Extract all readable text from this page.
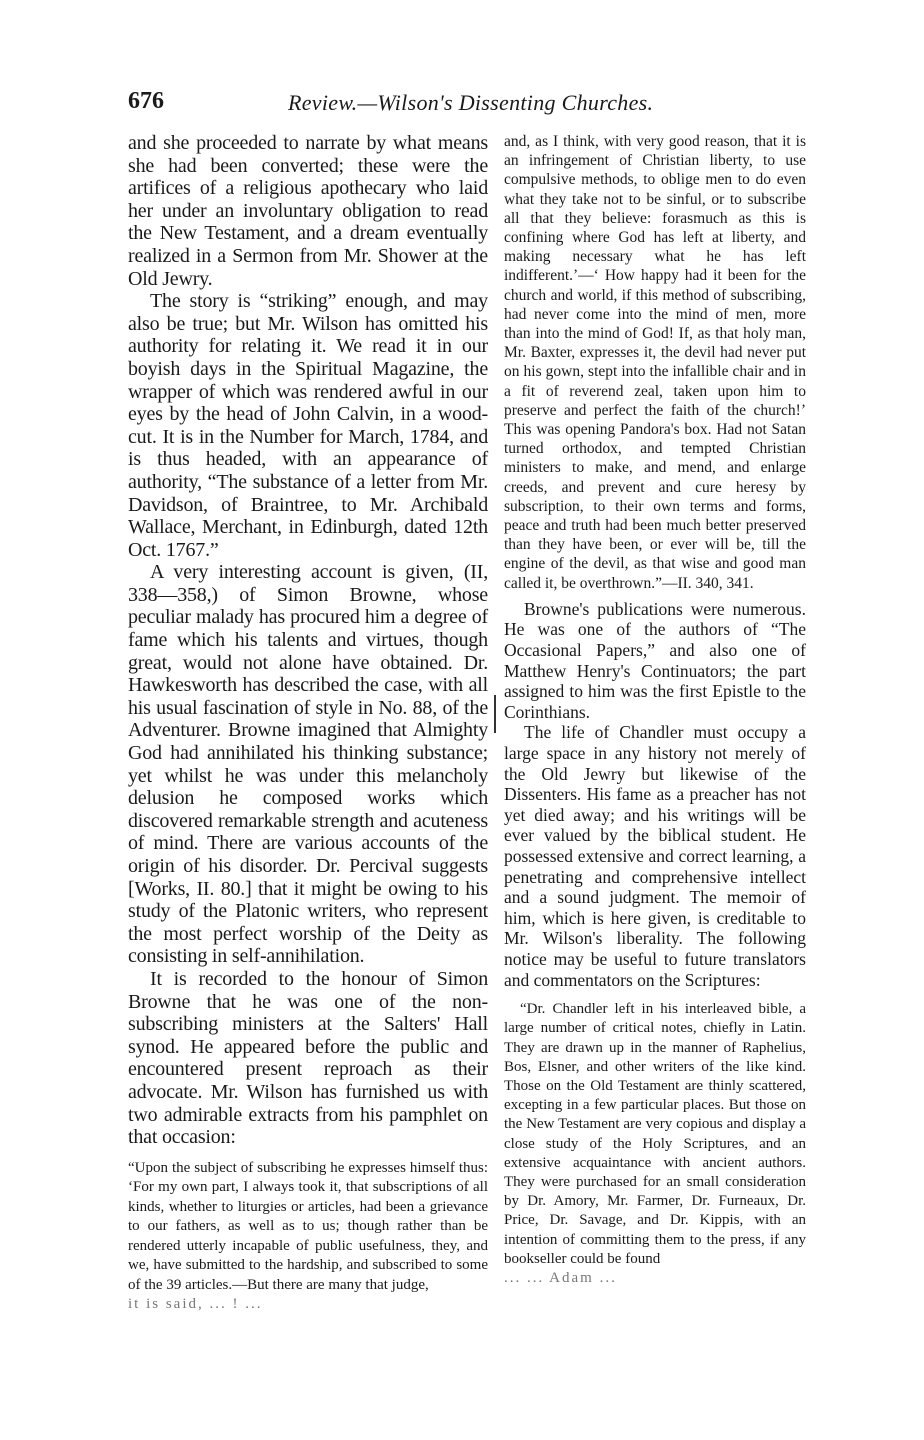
676	Review.—Wilson's Dissenting Churches.

and she proceeded to narrate by what means she had been converted; these were the artifices of a religious apothecary who laid her under an involuntary obligation to read the New Testament, and a dream eventually realized in a Sermon from Mr. Shower at the Old Jewry.

The story is “striking” enough, and may also be true; but Mr. Wilson has omitted his authority for relating it. We read it in our boyish days in the Spiritual Magazine, the wrapper of which was rendered awful in our eyes by the head of John Calvin, in a wood-cut. It is in the Number for March, 1784, and is thus headed, with an appearance of authority, “The substance of a letter from Mr. Davidson, of Braintree, to Mr. Archibald Wallace, Merchant, in Edinburgh, dated 12th Oct. 1767.”

A very interesting account is given, (II, 338—358,) of Simon Browne, whose peculiar malady has procured him a degree of fame which his talents and virtues, though great, would not alone have obtained. Dr. Hawkesworth has described the case, with all his usual fascination of style in No. 88, of the Adventurer. Browne imagined that Almighty God had annihilated his thinking substance; yet whilst he was under this melancholy delusion he composed works which discovered remarkable strength and acuteness of mind. There are various accounts of the origin of his disorder. Dr. Percival suggests [Works, II. 80.] that it might be owing to his study of the Platonic writers, who represent the most perfect worship of the Deity as consisting in self-annihilation.

It is recorded to the honour of Simon Browne that he was one of the non-subscribing ministers at the Salters' Hall synod. He appeared before the public and encountered present reproach as their advocate. Mr. Wilson has furnished us with two admirable extracts from his pamphlet on that occasion:

“Upon the subject of subscribing he expresses himself thus: ‘For my own part, I always took it, that subscriptions of all kinds, whether to liturgies or articles, had been a grievance to our fathers, as well as to us; though rather than be rendered utterly incapable of public usefulness, they, and we, have submitted to the hardship, and subscribed to some of the 39 articles.—But there are many that judge,

it is said, ... ! ...

and, as I think, with very good reason, that it is an infringement of Christian liberty, to use compulsive methods, to oblige men to do even what they take not to be sinful, or to subscribe all that they believe: forasmuch as this is confining where God has left at liberty, and making necessary what he has left indifferent.’—‘ How happy had it been for the church and world, if this method of subscribing, had never come into the mind of men, more than into the mind of God! If, as that holy man, Mr. Baxter, expresses it, the devil had never put on his gown, stept into the infallible chair and in a fit of reverend zeal, taken upon him to preserve and perfect the faith of the church!’ This was opening Pandora's box. Had not Satan turned orthodox, and tempted Christian ministers to make, and mend, and enlarge creeds, and prevent and cure heresy by subscription, to their own terms and forms, peace and truth had been much better preserved than they have been, or ever will be, till the engine of the devil, as that wise and good man called it, be overthrown.”—II. 340, 341.

Browne's publications were numerous. He was one of the authors of “The Occasional Papers,” and also one of Matthew Henry's Continuators; the part assigned to him was the first Epistle to the Corinthians.

The life of Chandler must occupy a large space in any history not merely of the Old Jewry but likewise of the Dissenters. His fame as a preacher has not yet died away; and his writings will be ever valued by the biblical student. He possessed extensive and correct learning, a penetrating and comprehensive intellect and a sound judgment. The memoir of him, which is here given, is creditable to Mr. Wilson's liberality. The following notice may be useful to future translators and commentators on the Scriptures:

“Dr. Chandler left in his interleaved bible, a large number of critical notes, chiefly in Latin. They are drawn up in the manner of Raphelius, Bos, Elsner, and other writers of the like kind. Those on the Old Testament are thinly scattered, excepting in a few particular places. But those on the New Testament are very copious and display a close study of the Holy Scriptures, and an extensive acquaintance with ancient authors. They were purchased for an small consideration by Dr. Amory, Mr. Farmer, Dr. Furneaux, Dr. Price, Dr. Savage, and Dr. Kippis, with an intention of committing them to the press, if any bookseller could be found

... ... Adam ...
